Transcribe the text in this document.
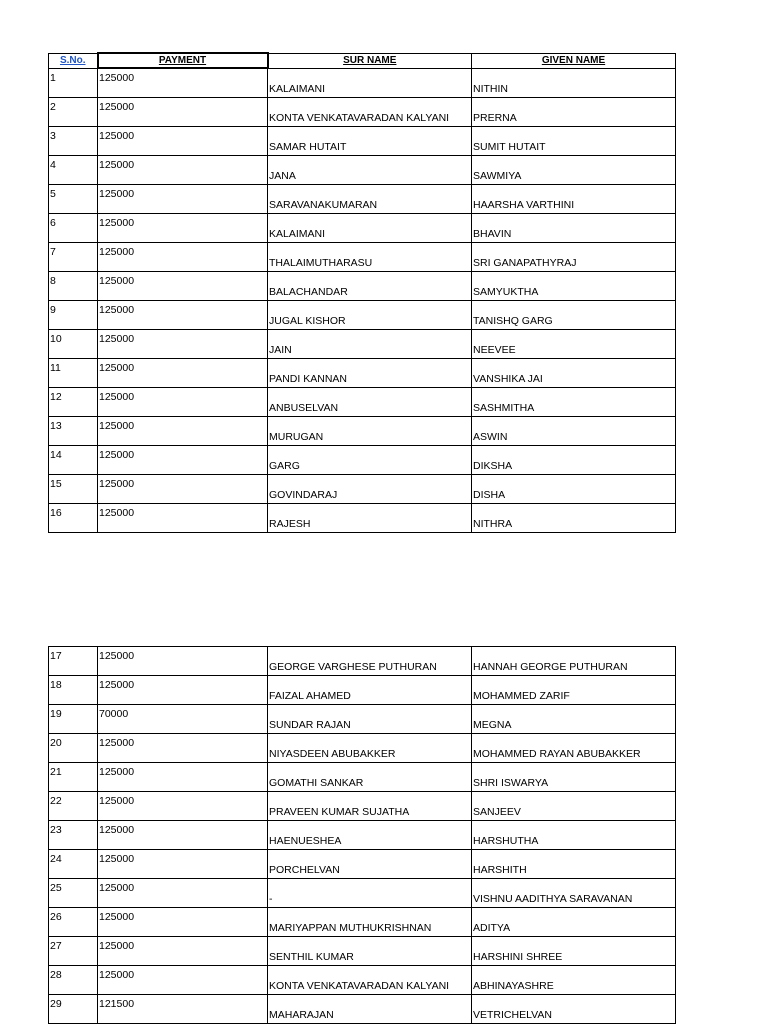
S.No.	PAYMENT	SUR NAME	GIVEN NAME
1	125000	KALAIMANI	NITHIN
2	125000	KONTA VENKATAVARADAN KALYANI	PRERNA
3	125000	SAMAR HUTAIT	SUMIT HUTAIT
4	125000	JANA	SAWMIYA
5	125000	SARAVANAKUMARAN	HAARSHA VARTHINI
6	125000	KALAIMANI	BHAVIN
7	125000	THALAIMUTHARASU	SRI GANAPATHYRAJ
8	125000	BALACHANDAR	SAMYUKTHA
9	125000	JUGAL KISHOR	TANISHQ GARG
10	125000	JAIN	NEEVEE
11	125000	PANDI KANNAN	VANSHIKA JAI
12	125000	ANBUSELVAN	SASHMITHA
13	125000	MURUGAN	ASWIN
14	125000	GARG	DIKSHA
15	125000	GOVINDARAJ	DISHA
16	125000	RAJESH	NITHRA
17	125000	GEORGE VARGHESE PUTHURAN	HANNAH GEORGE PUTHURAN
18	125000	FAIZAL AHAMED	MOHAMMED ZARIF
19	70000	SUNDAR RAJAN	MEGNA
20	125000	NIYASDEEN ABUBAKKER	MOHAMMED RAYAN ABUBAKKER
21	125000	GOMATHI SANKAR	SHRI ISWARYA
22	125000	PRAVEEN KUMAR SUJATHA	SANJEEV
23	125000	HAENUESHEA	HARSHUTHA
24	125000	PORCHELVAN	HARSHITH
25	125000	-	VISHNU AADITHYA SARAVANAN
26	125000	MARIYAPPAN MUTHUKRISHNAN	ADITYA
27	125000	SENTHIL KUMAR	HARSHINI SHREE
28	125000	KONTA VENKATAVARADAN KALYANI	ABHINAYASHRE
29	121500	MAHARAJAN	VETRICHELVAN
